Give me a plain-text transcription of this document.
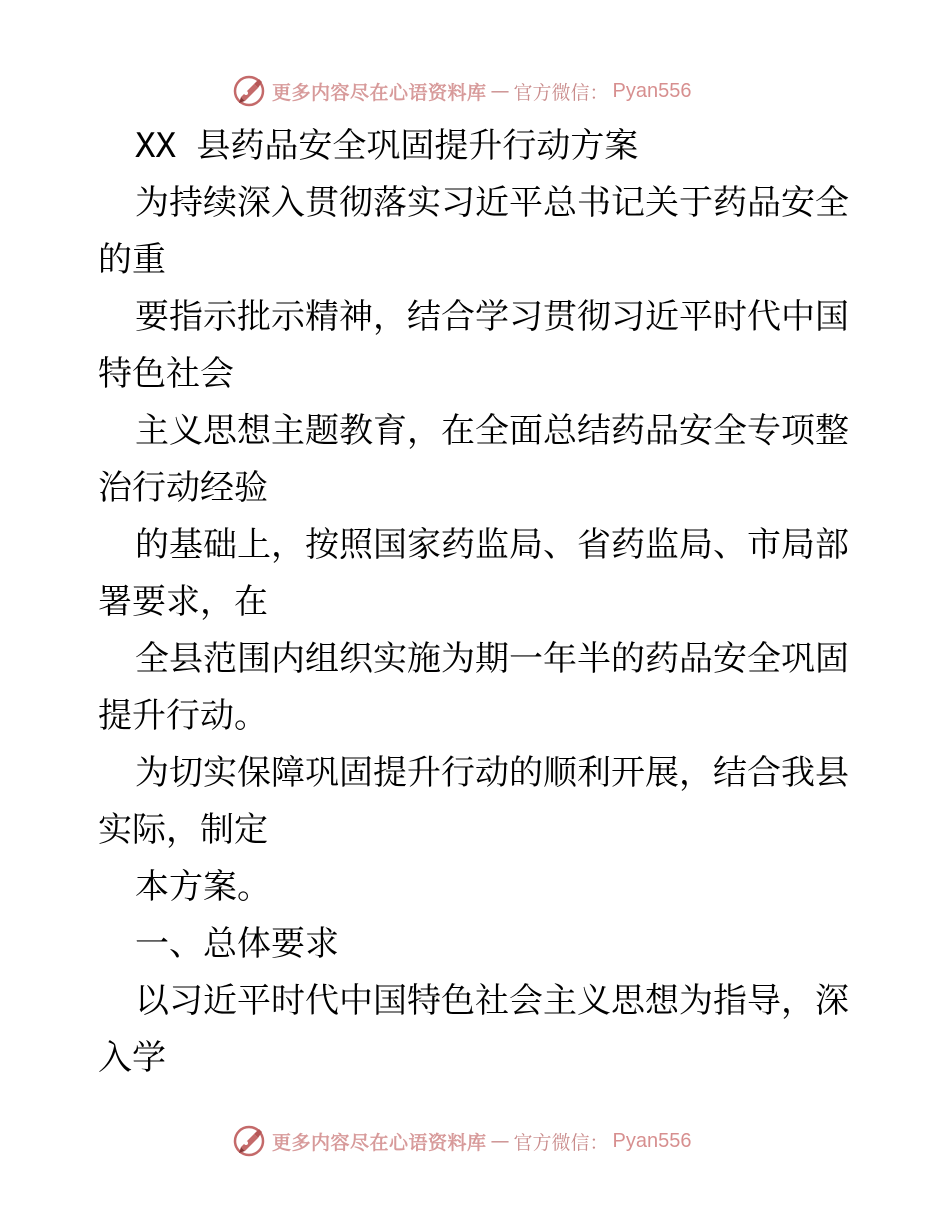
更多内容尽在心语资料库 — 官方微信： Pyan556
XX 县药品安全巩固提升行动方案
为持续深入贯彻落实习近平总书记关于药品安全
的重
要指示批示精神，结合学习贯彻习近平时代中国
特色社会
主义思想主题教育，在全面总结药品安全专项整
治行动经验
的基础上，按照国家药监局、省药监局、市局部
署要求，在
全县范围内组织实施为期一年半的药品安全巩固
提升行动。
为切实保障巩固提升行动的顺利开展，结合我县
实际，制定
本方案。
一、总体要求
以习近平时代中国特色社会主义思想为指导，深
入学
更多内容尽在心语资料库 — 官方微信： Pyan556
